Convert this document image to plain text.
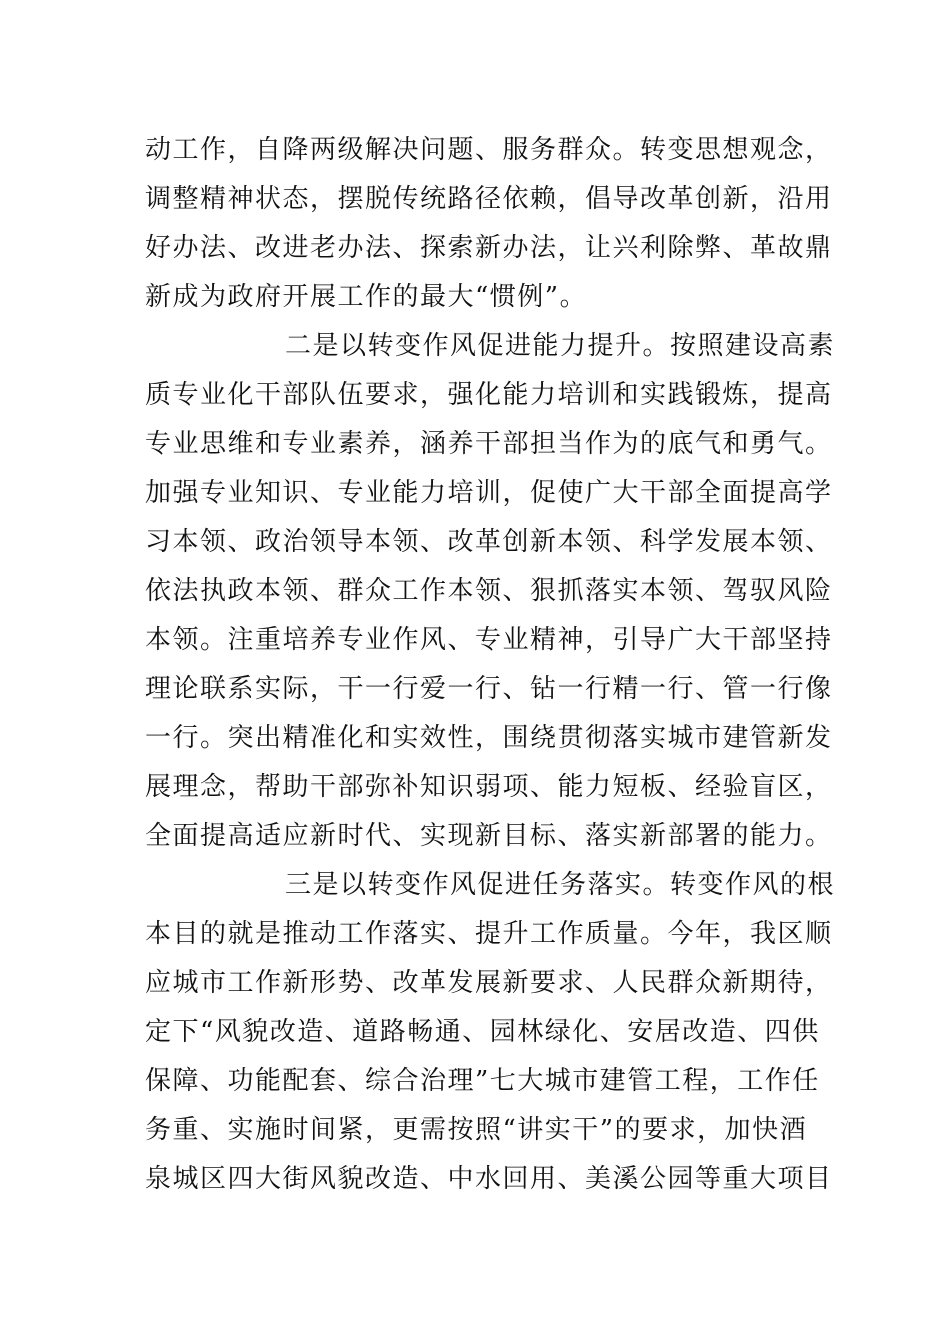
动工作，自降两级解决问题、服务群众。转变思想观念，
调整精神状态，摆脱传统路径依赖，倡导改革创新，沿用
好办法、改进老办法、探索新办法，让兴利除弊、革故鼎
新成为政府开展工作的最大“惯例”。
二是以转变作风促进能力提升。按照建设高素
质专业化干部队伍要求，强化能力培训和实践锻炼，提高
专业思维和专业素养，涵养干部担当作为的底气和勇气。
加强专业知识、专业能力培训，促使广大干部全面提高学
习本领、政治领导本领、改革创新本领、科学发展本领、
依法执政本领、群众工作本领、狠抓落实本领、驾驭风险
本领。注重培养专业作风、专业精神，引导广大干部坚持
理论联系实际，干一行爱一行、钻一行精一行、管一行像
一行。突出精准化和实效性，围绕贯彻落实城市建管新发
展理念，帮助干部弥补知识弱项、能力短板、经验盲区，
全面提高适应新时代、实现新目标、落实新部署的能力。
三是以转变作风促进任务落实。转变作风的根
本目的就是推动工作落实、提升工作质量。今年，我区顺
应城市工作新形势、改革发展新要求、人民群众新期待，
定下“风貌改造、道路畅通、园林绿化、安居改造、四供
保障、功能配套、综合治理”七大城市建管工程，工作任
务重、实施时间紧，更需按照“讲实干”的要求，加快酒
泉城区四大街风貌改造、中水回用、美溪公园等重大项目
